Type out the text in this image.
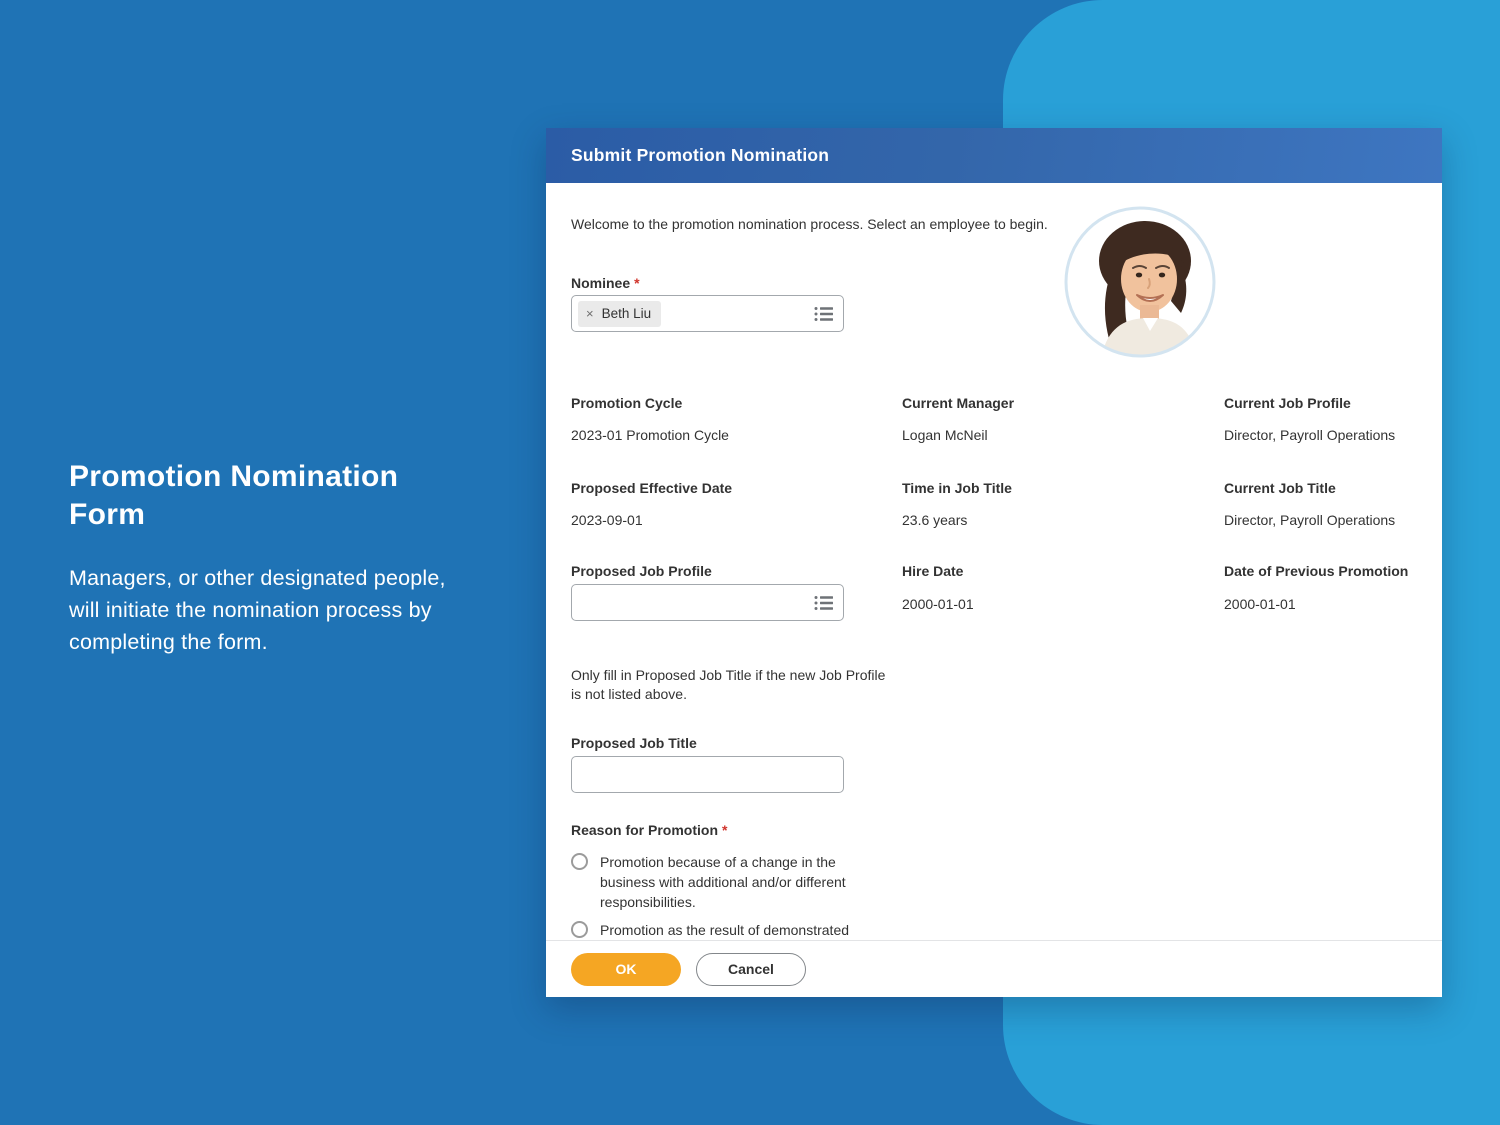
Promotion Nomination
Form
Managers, or other designated people, will initiate the nomination process by completing the form.
Submit Promotion Nomination
Welcome to the promotion nomination process. Select an employee to begin.
Nominee *
× Beth Liu
Promotion Cycle
2023-01 Promotion Cycle
Current Manager
Logan McNeil
Current Job Profile
Director, Payroll Operations
Proposed Effective Date
2023-09-01
Time in Job Title
23.6 years
Current Job Title
Director, Payroll Operations
Proposed Job Profile	Hire Date
2000-01-01
Date of Previous Promotion
2000-01-01
Only fill in Proposed Job Title if the new Job Profile is not listed above.
Proposed Job Title
Reason for Promotion *
Promotion because of a change in the business with additional and/or different responsibilities.
Promotion as the result of demonstrated
OK	Cancel
